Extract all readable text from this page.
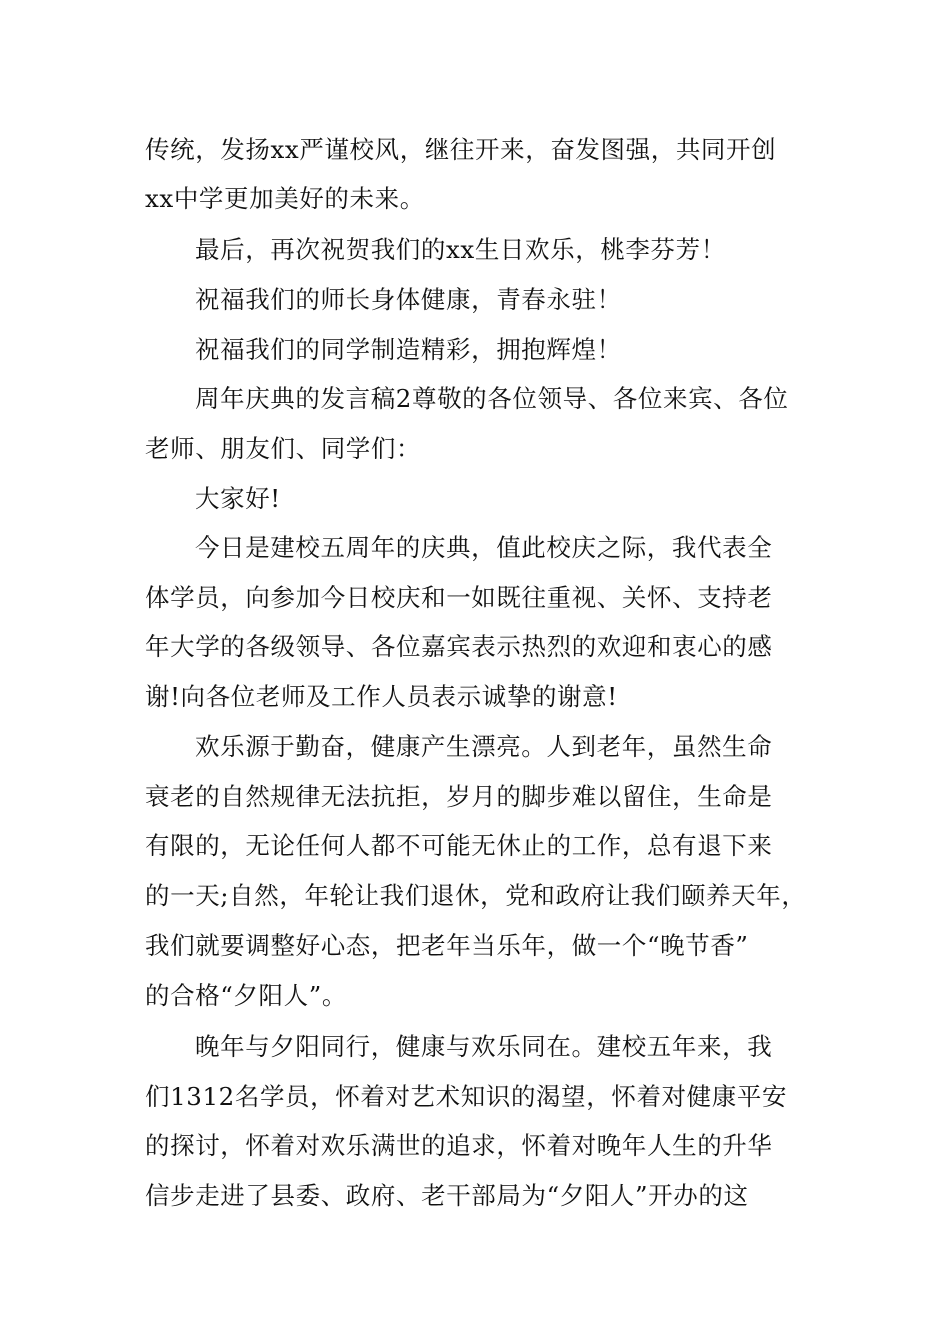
传统，发扬xx严谨校风，继往开来，奋发图强，共同开创
xx中学更加美好的未来。
最后，再次祝贺我们的xx生日欢乐，桃李芬芳！
祝福我们的师长身体健康，青春永驻！
祝福我们的同学制造精彩，拥抱辉煌！
周年庆典的发言稿2尊敬的各位领导、各位来宾、各位
老师、朋友们、同学们：
大家好!
今日是建校五周年的庆典，值此校庆之际，我代表全
体学员，向参加今日校庆和一如既往重视、关怀、支持老
年大学的各级领导、各位嘉宾表示热烈的欢迎和衷心的感
谢!向各位老师及工作人员表示诚挚的谢意!
欢乐源于勤奋，健康产生漂亮。人到老年，虽然生命
衰老的自然规律无法抗拒，岁月的脚步难以留住，生命是
有限的，无论任何人都不可能无休止的工作，总有退下来
的一天;自然，年轮让我们退休，党和政府让我们颐养天年，
我们就要调整好心态，把老年当乐年，做一个“晚节香”
的合格“夕阳人”。
晚年与夕阳同行，健康与欢乐同在。建校五年来，我
们1312名学员，怀着对艺术知识的渴望，怀着对健康平安
的探讨，怀着对欢乐满世的追求，怀着对晚年人生的升华
信步走进了县委、政府、老干部局为“夕阳人”开办的这
